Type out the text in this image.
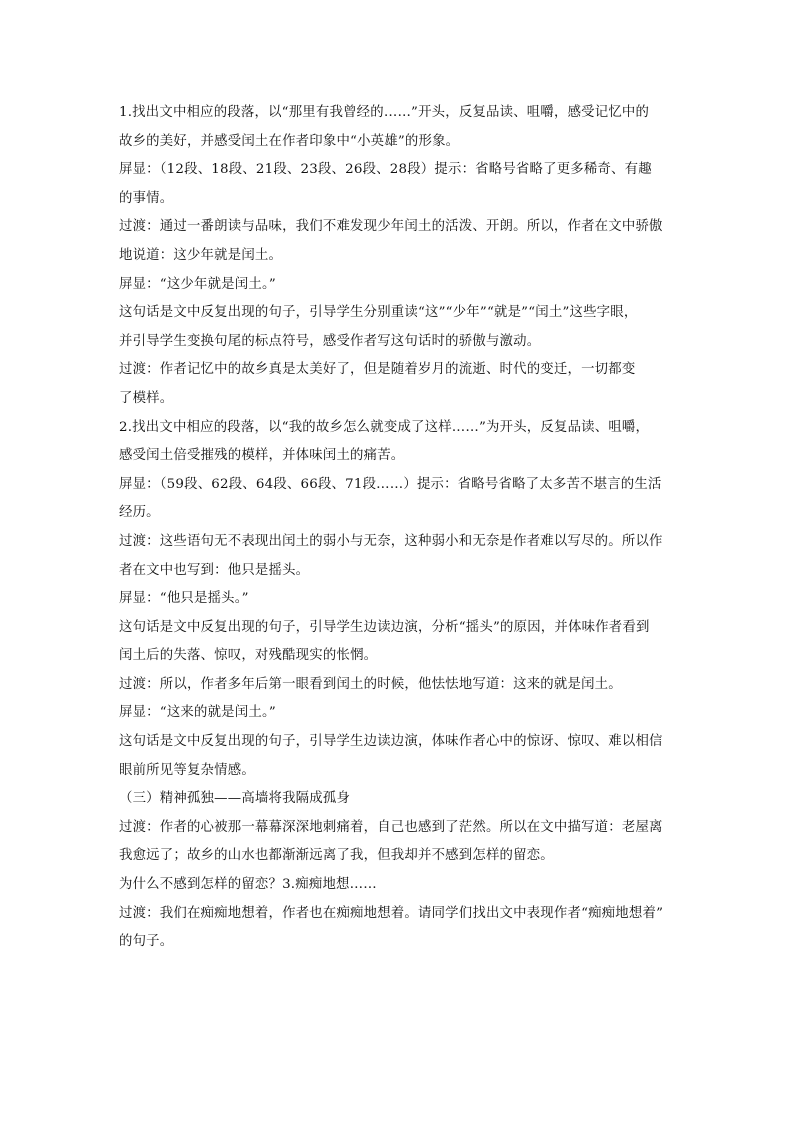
1.找出文中相应的段落，以“那里有我曾经的……”开头，反复品读、咀嚼，感受记忆中的
故乡的美好，并感受闰土在作者印象中“小英雄”的形象。
屏显：（12段、18段、21段、23段、26段、28段）提示：省略号省略了更多稀奇、有趣
的事情。
过渡：通过一番朗读与品味，我们不难发现少年闰土的活泼、开朗。所以，作者在文中骄傲
地说道：这少年就是闰土。
屏显：“这少年就是闰土。”
这句话是文中反复出现的句子，引导学生分别重读“这”“少年”“就是”“闰土”这些字眼，
并引导学生变换句尾的标点符号，感受作者写这句话时的骄傲与激动。
过渡：作者记忆中的故乡真是太美好了，但是随着岁月的流逝、时代的变迁，一切都变
了模样。
2.找出文中相应的段落，以“我的故乡怎么就变成了这样……”为开头，反复品读、咀嚼，
感受闰土倍受摧残的模样，并体味闰土的痛苦。
屏显：（59段、62段、64段、66段、71段……）提示：省略号省略了太多苦不堪言的生活
经历。
过渡：这些语句无不表现出闰土的弱小与无奈，这种弱小和无奈是作者难以写尽的。所以作
者在文中也写到：他只是摇头。
屏显：“他只是摇头。”
这句话是文中反复出现的句子，引导学生边读边演，分析“摇头”的原因，并体味作者看到
闰土后的失落、惊叹，对残酷现实的怅惘。
过渡：所以，作者多年后第一眼看到闰土的时候，他怯怯地写道：这来的就是闰土。
屏显：“这来的就是闰土。”
这句话是文中反复出现的句子，引导学生边读边演，体味作者心中的惊讶、惊叹、难以相信
眼前所见等复杂情感。
（三）精神孤独——高墙将我隔成孤身
过渡：作者的心被那一幕幕深深地刺痛着，自己也感到了茫然。所以在文中描写道：老屋离
我愈远了；故乡的山水也都渐渐远离了我，但我却并不感到怎样的留恋。
为什么不感到怎样的留恋？3.痴痴地想……
过渡：我们在痴痴地想着，作者也在痴痴地想着。请同学们找出文中表现作者“痴痴地想着”
的句子。
